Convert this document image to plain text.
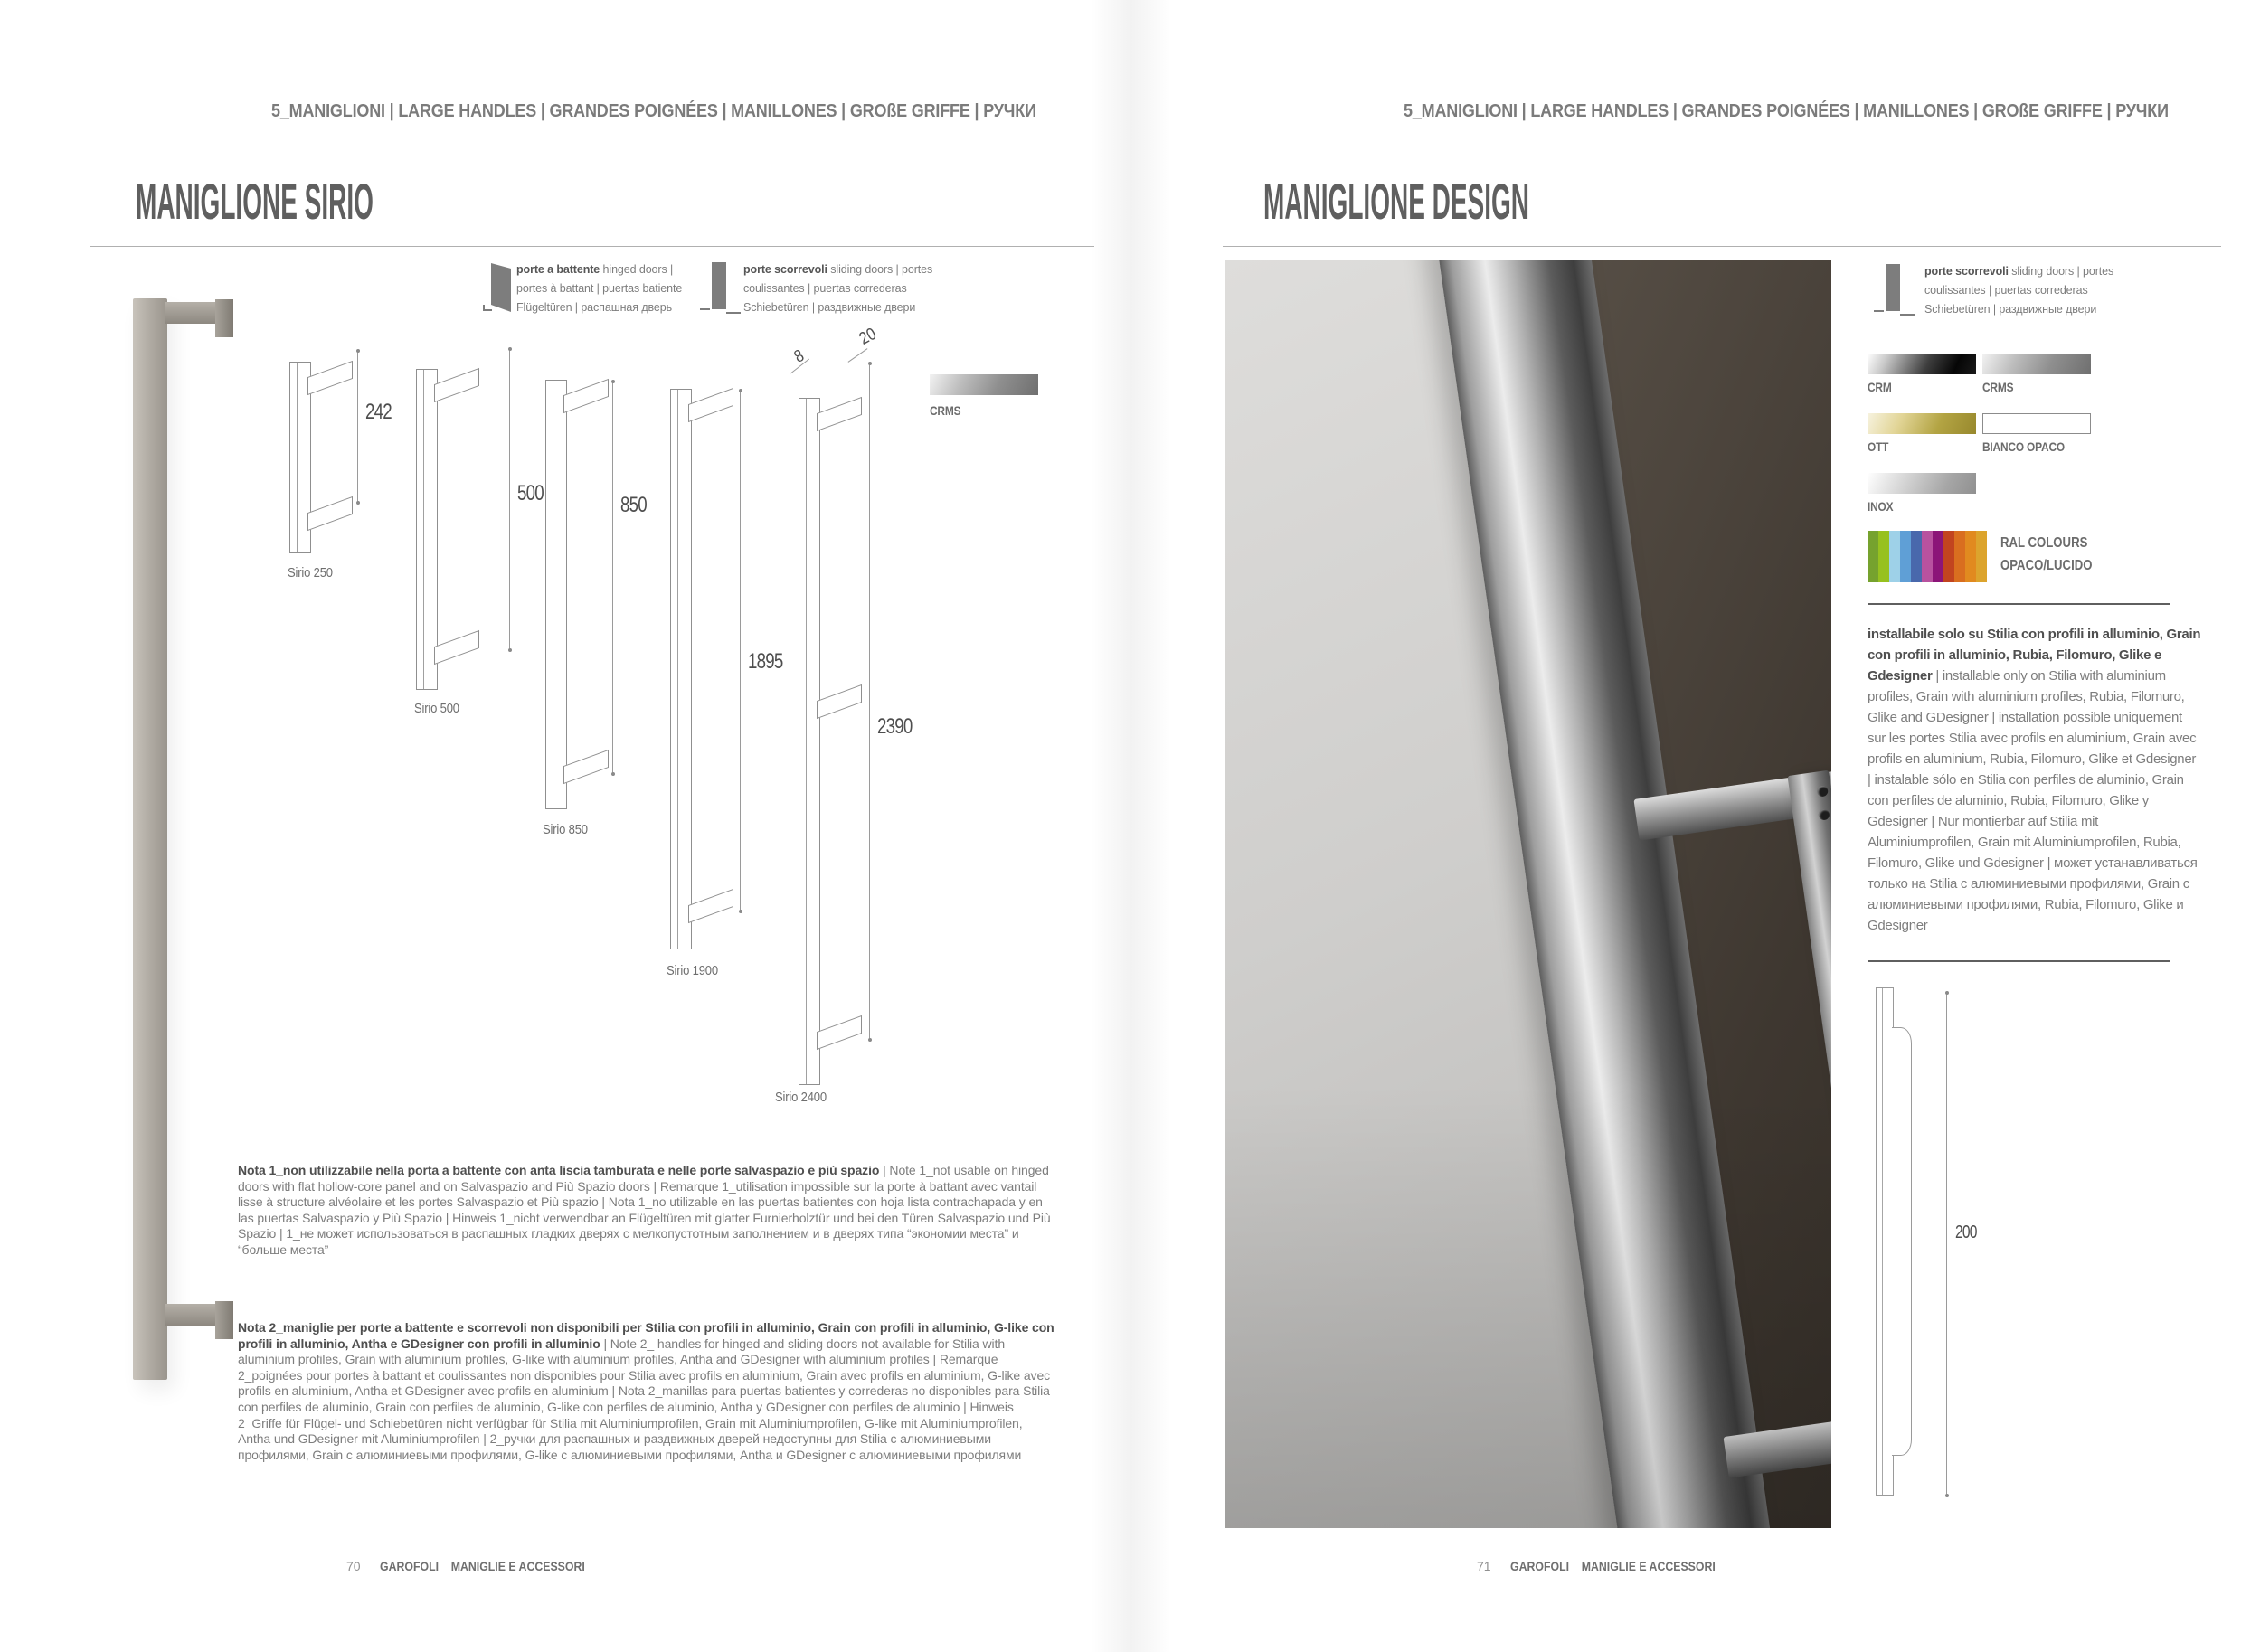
5_MANIGLIONI | LARGE HANDLES | GRANDES POIGNÉES | MANILLONES | GROßE GRIFFE | РУЧКИ
MANIGLIONE SIRIO
porte a battente hinged doors |
portes à battant | puertas batiente
Flügeltüren | распашная дверь
porte scorrevoli sliding doors | portes
coulissantes | puertas correderas
Schiebetüren | раздвижные двери
CRMS
242
Sirio 250
500
Sirio 500
850
Sirio 850
1895
Sirio 1900
2390
8
20
Sirio 2400
Nota 1_non utilizzabile nella porta a battente con anta liscia tamburata e nelle porte salvaspazio e più spazio | Note 1_not usable on hinged doors with flat hollow-core panel and on Salvaspazio and Più Spazio doors | Remarque 1_utilisation impossible sur la porte à battant avec vantail lisse à structure alvéolaire et les portes Salvaspazio et Più spazio | Nota 1_no utilizable en las puertas batientes con hoja lista contrachapada y en las puertas Salvaspazio y Più Spazio | Hinweis 1_nicht verwendbar an Flügeltüren mit glatter Furnierholztür und bei den Türen Salvaspazio und Più Spazio | 1_не может использоваться в распашных гладких дверях с мелкопустотным заполнением и в дверях типа “экономии места” и “больше места”
Nota 2_maniglie per porte a battente e scorrevoli non disponibili per Stilia con profili in alluminio, Grain con profili in alluminio, G-like con profili in alluminio, Antha e GDesigner con profili in alluminio | Note 2_ handles for hinged and sliding doors not available for Stilia with aluminium profiles, Grain with aluminium profiles, G-like with aluminium profiles, Antha and GDesigner with aluminium profiles | Remarque 2_poignées pour portes à battant et coulissantes non disponibles pour Stilia avec profils en aluminium, Grain avec profils en aluminium, G-like avec profils en aluminium, Antha et GDesigner avec profils en aluminium | Nota 2_manillas para puertas batientes y correderas no disponibles para Stilia con perfiles de aluminio, Grain con perfiles de aluminio, G-like con perfiles de aluminio, Antha y GDesigner con perfiles de aluminio | Hinweis 2_Griffe für Flügel- und Schiebetüren nicht verfügbar für Stilia mit Aluminiumprofilen, Grain mit Aluminiumprofilen, G-like mit Aluminiumprofilen, Antha und GDesigner mit Aluminiumprofilen | 2_ручки для распашных и раздвижных дверей недоступны для Stilia с алюминиевыми профилями, Grain с алюминиевыми профилями, G-like с алюминиевыми профилями, Antha и GDesigner с алюминиевыми профилями
70 GAROFOLI _ MANIGLIE E ACCESSORI
5_MANIGLIONI | LARGE HANDLES | GRANDES POIGNÉES | MANILLONES | GROßE GRIFFE | РУЧКИ
MANIGLIONE DESIGN
porte scorrevoli sliding doors | portes
coulissantes | puertas correderas
Schiebetüren | раздвижные двери
CRM	CRMS
OTT	BIANCO OPACO
INOX
RAL COLOURS
OPACO/LUCIDO
installabile solo su Stilia con profili in alluminio, Grain con profili in alluminio, Rubia, Filomuro, Glike e Gdesigner | installable only on Stilia with aluminium profiles, Grain with aluminium profiles, Rubia, Filomuro, Glike and GDesigner | installation possible uniquement sur les portes Stilia avec profils en aluminium, Grain avec profils en aluminium, Rubia, Filomuro, Glike et Gdesigner | instalable sólo en Stilia con perfiles de aluminio, Grain con perfiles de aluminio, Rubia, Filomuro, Glike y Gdesigner | Nur montierbar auf Stilia mit Aluminiumprofilen, Grain mit Aluminiumprofilen, Rubia, Filomuro, Glike und Gdesigner | может устанавливаться только на Stilia с алюминиевыми профилями, Grain с алюминиевыми профилями, Rubia, Filomuro, Glike и Gdesigner
200
71 GAROFOLI _ MANIGLIE E ACCESSORI
